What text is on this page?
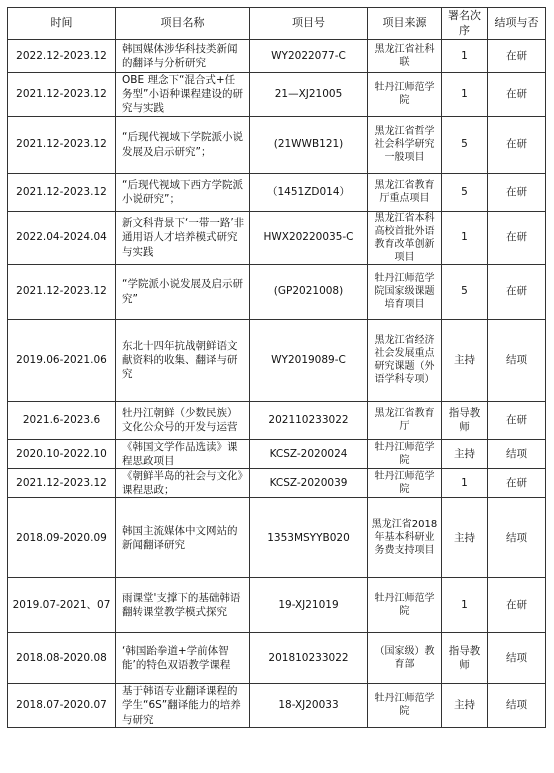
时间	项目名称	项目号	项目来源	署名次序	结项与否
2022.12-2023.12	韩国媒体涉华科技类新闻的翻译与分析研究	WY2022077-C	黑龙江省社科联	1	在研
2021.12-2023.12	OBE 理念下“混合式+任务型”小语种课程建设的研究与实践	21—XJ21005	牡丹江师范学院	1	在研
2021.12-2023.12	“后现代视域下学院派小说发展及启示研究”；	(21WWB121)	黑龙江省哲学社会科学研究一般项目	5	在研
2021.12-2023.12	“后现代视域下西方学院派小说研究”；	（1451ZD014）	黑龙江省教育厅重点项目	5	在研
2022.04-2024.04	新文科背景下‘一带一路’非通用语人才培养模式研究与实践	HWX20220035-C	黑龙江省本科高校首批外语教育改革创新项目	1	在研
2021.12-2023.12	“学院派小说发展及启示研究”	(GP2021008)	牡丹江师范学院国家级课题培育项目	5	在研
2019.06-2021.06	东北十四年抗战朝鲜语文献资料的收集、翻译与研究	WY2019089-C	黑龙江省经济社会发展重点研究课题（外语学科专项）	主持	结项
2021.6-2023.6	牡丹江朝鲜（少数民族）文化公众号的开发与运营	202110233022	黑龙江省教育厅	指导教师	在研
2020.10-2022.10	《韩国文学作品选读》课程思政项目	KCSZ-2020024	牡丹江师范学院	主持	结项
2021.12-2023.12	《朝鲜半岛的社会与文化》课程思政；	KCSZ-2020039	牡丹江师范学院	1	在研
2018.09-2020.09	韩国主流媒体中文网站的新闻翻译研究	1353MSYYB020	黑龙江省2018年基本科研业务费支持项目	主持	结项
2019.07-2021、07	雨课堂'支撑下的基础韩语翻转课堂教学模式探究	19-XJ21019	牡丹江师范学院	1	在研
2018.08-2020.08	‘韩国跆拳道+学前体智能’的特色双语教学课程	201810233022	（国家级）教育部	指导教师	结项
2018.07-2020.07	基于韩语专业翻译课程的学生“6S”翻译能力的培养与研究	18-XJ20033	牡丹江师范学院	主持	结项
